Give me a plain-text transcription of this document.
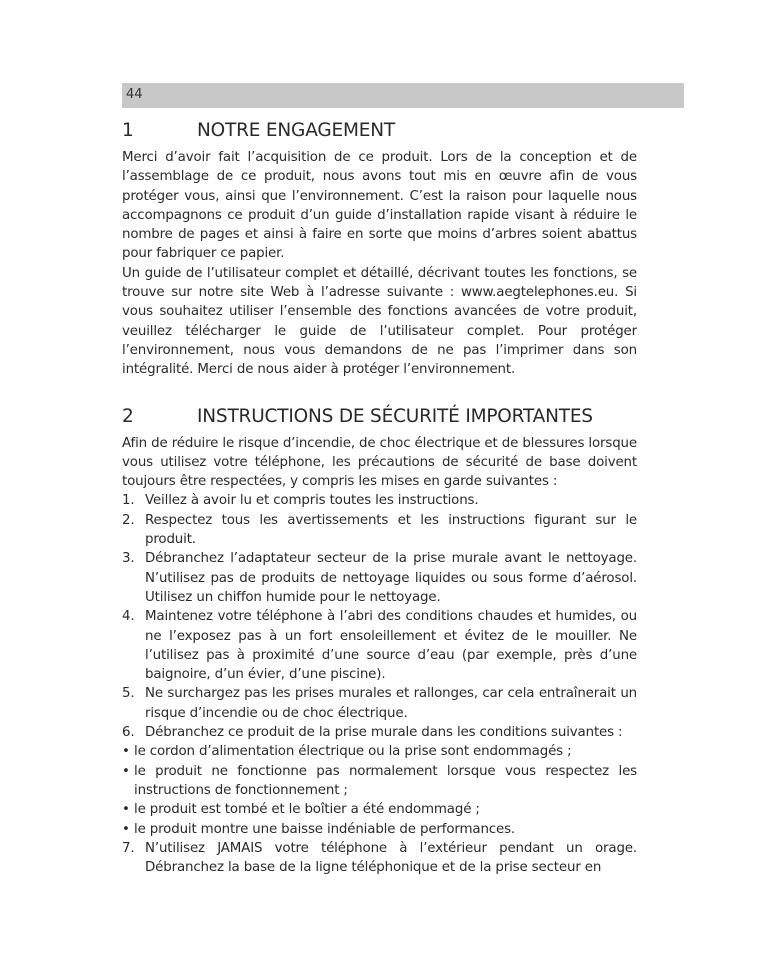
44
1	NOTRE ENGAGEMENT

Merci d’avoir fait l’acquisition de ce produit. Lors de la conception et de l’assemblage de ce produit, nous avons tout mis en œuvre afin de vous protéger vous, ainsi que l’environnement. C’est la raison pour laquelle nous accompagnons ce produit d’un guide d’installation rapide visant à réduire le nombre de pages et ainsi à faire en sorte que moins d’arbres soient abattus pour fabriquer ce papier.

Un guide de l’utilisateur complet et détaillé, décrivant toutes les fonctions, se trouve sur notre site Web à l’adresse suivante : www.aegtelephones.eu. Si vous souhaitez utiliser l’ensemble des fonctions avancées de votre produit, veuillez télécharger le guide de l’utilisateur complet. Pour protéger l’environnement, nous vous demandons de ne pas l’imprimer dans son intégralité. Merci de nous aider à protéger l’environnement.

2	INSTRUCTIONS DE SÉCURITÉ IMPORTANTES

Afin de réduire le risque d’incendie, de choc électrique et de blessures lorsque vous utilisez votre téléphone, les précautions de sécurité de base doivent toujours être respectées, y compris les mises en garde suivantes :

1. Veillez à avoir lu et compris toutes les instructions.
2. Respectez tous les avertissements et les instructions figurant sur le produit.
3. Débranchez l’adaptateur secteur de la prise murale avant le nettoyage. N’utilisez pas de produits de nettoyage liquides ou sous forme d’aérosol. Utilisez un chiffon humide pour le nettoyage.
4. Maintenez votre téléphone à l’abri des conditions chaudes et humides, ou ne l’exposez pas à un fort ensoleillement et évitez de le mouiller. Ne l’utilisez pas à proximité d’une source d’eau (par exemple, près d’une baignoire, d’un évier, d’une piscine).
5. Ne surchargez pas les prises murales et rallonges, car cela entraînerait un risque d’incendie ou de choc électrique.
6. Débranchez ce produit de la prise murale dans les conditions suivantes :
• le cordon d’alimentation électrique ou la prise sont endommagés ;
• le produit ne fonctionne pas normalement lorsque vous respectez les instructions de fonctionnement ;
• le produit est tombé et le boîtier a été endommagé ;
• le produit montre une baisse indéniable de performances.
7. N’utilisez JAMAIS votre téléphone à l’extérieur pendant un orage. Débranchez la base de la ligne téléphonique et de la prise secteur en
